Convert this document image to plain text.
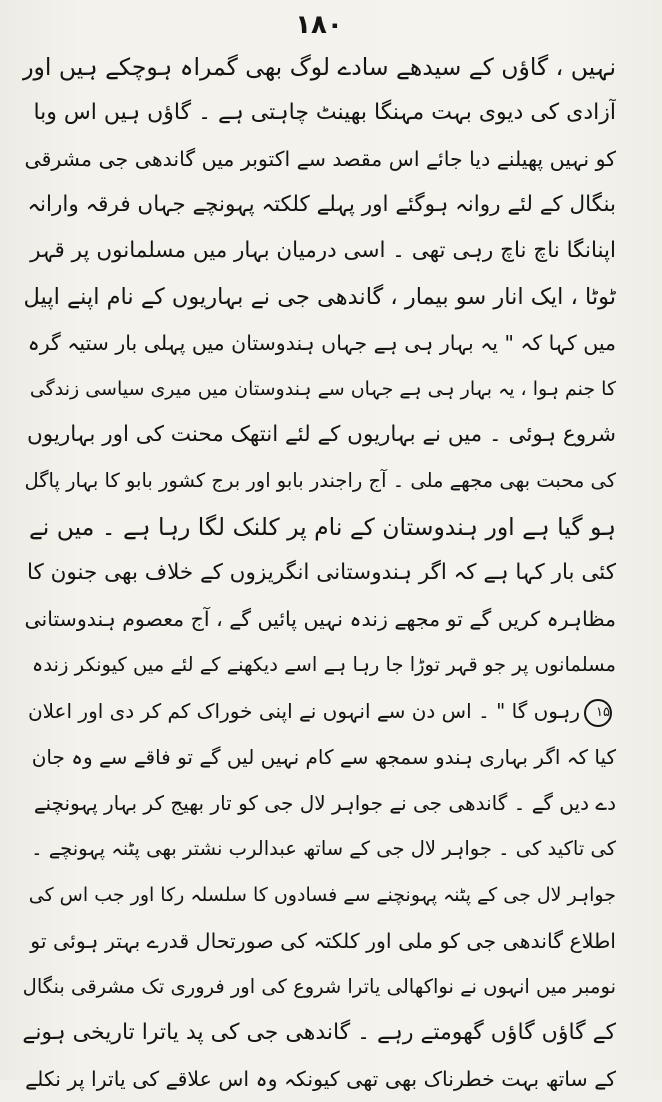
۱۸۰
نہیں ، گاؤں کے سیدھے سادے لوگ بھی گمراہ ہوچکے ہیں اور
آزادی کی دیوی بہت مہنگا بھینٹ چاہتی ہے ۔ گاؤں ہیں اس وبا
کو نہیں پھیلنے دیا جائے اس مقصد سے اکتوبر میں گاندھی جی مشرقی
بنگال کے لئے روانہ ہوگئے اور پہلے کلکتہ پہونچے جہاں فرقہ وارانہ
اپنانگا ناچ ناچ رہی تھی ۔ اسی درمیان بہار میں مسلمانوں پر قہر
ٹوٹا ، ایک انار سو بیمار ، گاندھی جی نے بہاریوں کے نام اپنے اپیل
میں کہا کہ " یہ بہار ہی ہے جہاں ہندوستان میں پہلی بار ستیہ گرہ
کا جنم ہوا ، یہ بہار ہی ہے جہاں سے ہندوستان میں میری سیاسی زندگی
شروع ہوئی ۔ میں نے بہاریوں کے لئے انتھک محنت کی اور بہاریوں
کی محبت بھی مجھے ملی ۔ آج راجندر بابو اور برج کشور بابو کا بہار پاگل
ہو گیا ہے اور ہندوستان کے نام پر کلنک لگا رہا ہے ۔ میں نے
کئی بار کہا ہے کہ اگر ہندوستانی انگریزوں کے خلاف بھی جنون کا
مظاہرہ کریں گے تو مجھے زندہ نہیں پائیں گے ، آج معصوم ہندوستانی
مسلمانوں پر جو قہر توڑا جا رہا ہے اسے دیکھنے کے لئے میں کیونکر زندہ
۱۵رہوں گا " ۔ اس دن سے انہوں نے اپنی خوراک کم کر دی اور اعلان
کیا کہ اگر بہاری ہندو سمجھ سے کام نہیں لیں گے تو فاقے سے وہ جان
دے دیں گے ۔ گاندھی جی نے جواہر لال جی کو تار بھیج کر بہار پہونچنے
کی تاکید کی ۔ جواہر لال جی کے ساتھ عبدالرب نشتر بھی پٹنہ پہونچے ۔
جواہر لال جی کے پٹنہ پہونچنے سے فسادوں کا سلسلہ رکا اور جب اس کی
اطلاع گاندھی جی کو ملی اور کلکتہ کی صورتحال قدرے بہتر ہوئی تو
نومبر میں انہوں نے نواکھالی یاترا شروع کی اور فروری تک مشرقی بنگال
کے گاؤں گاؤں گھومتے رہے ۔ گاندھی جی کی پد یاترا تاریخی ہونے
کے ساتھ بہت خطرناک بھی تھی کیونکہ وہ اس علاقے کی یاترا پر نکلے
